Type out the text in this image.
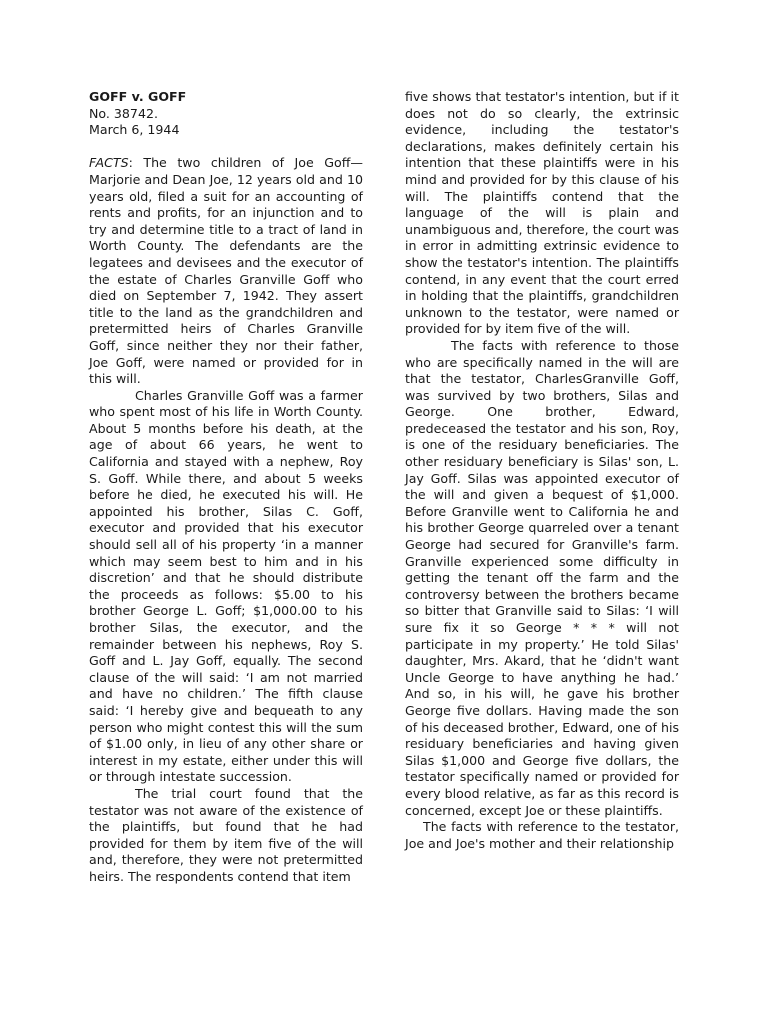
GOFF v. GOFF

No. 38742.

March 6, 1944

FACTS: The two children of Joe Goff—Marjorie and Dean Joe, 12 years old and 10 years old, filed a suit for an accounting of rents and profits, for an injunction and to try and determine title to a tract of land in Worth County. The defendants are the legatees and devisees and the executor of the estate of Charles Granville Goff who died on September 7, 1942. They assert title to the land as the grandchildren and pretermitted heirs of Charles Granville Goff, since neither they nor their father, Joe Goff, were named or provided for in this will.

Charles Granville Goff was a farmer who spent most of his life in Worth County. About 5 months before his death, at the age of about 66 years, he went to California and stayed with a nephew, Roy S. Goff. While there, and about 5 weeks before he died, he executed his will. He appointed his brother, Silas C. Goff, executor and provided that his executor should sell all of his property ‘in a manner which may seem best to him and in his discretion’ and that he should distribute the proceeds as follows: $5.00 to his brother George L. Goff; $1,000.00 to his brother Silas, the executor, and the remainder between his nephews, Roy S. Goff and L. Jay Goff, equally. The second clause of the will said: ‘I am not married and have no children.’ The fifth clause said: ‘I hereby give and bequeath to any person who might contest this will the sum of $1.00 only, in lieu of any other share or interest in my estate, either under this will or through intestate succession.

The trial court found that the testator was not aware of the existence of the plaintiffs, but found that he had provided for them by item five of the will and, therefore, they were not pretermitted heirs. The respondents contend that item

five shows that testator's intention, but if it does not do so clearly, the extrinsic evidence, including the testator's declarations, makes definitely certain his intention that these plaintiffs were in his mind and provided for by this clause of his will. The plaintiffs contend that the language of the will is plain and unambiguous and, therefore, the court was in error in admitting extrinsic evidence to show the testator's intention. The plaintiffs contend, in any event that the court erred in holding that the plaintiffs, grandchildren unknown to the testator, were named or provided for by item five of the will.

The facts with reference to those who are specifically named in the will are that the testator, CharlesGranville Goff, was survived by two brothers, Silas and George. One brother, Edward, predeceased the testator and his son, Roy, is one of the residuary beneficiaries. The other residuary beneficiary is Silas' son, L. Jay Goff. Silas was appointed executor of the will and given a bequest of $1,000. Before Granville went to California he and his brother George quarreled over a tenant George had secured for Granville's farm. Granville experienced some difficulty in getting the tenant off the farm and the controversy between the brothers became so bitter that Granville said to Silas: ‘I will sure fix it so George * * * will not participate in my property.’ He told Silas' daughter, Mrs. Akard, that he ‘didn't want Uncle George to have anything he had.’ And so, in his will, he gave his brother George five dollars. Having made the son of his deceased brother, Edward, one of his residuary beneficiaries and having given Silas $1,000 and George five dollars, the testator specifically named or provided for every blood relative, as far as this record is concerned, except Joe or these plaintiffs.

The facts with reference to the testator, Joe and Joe's mother and their relationship
